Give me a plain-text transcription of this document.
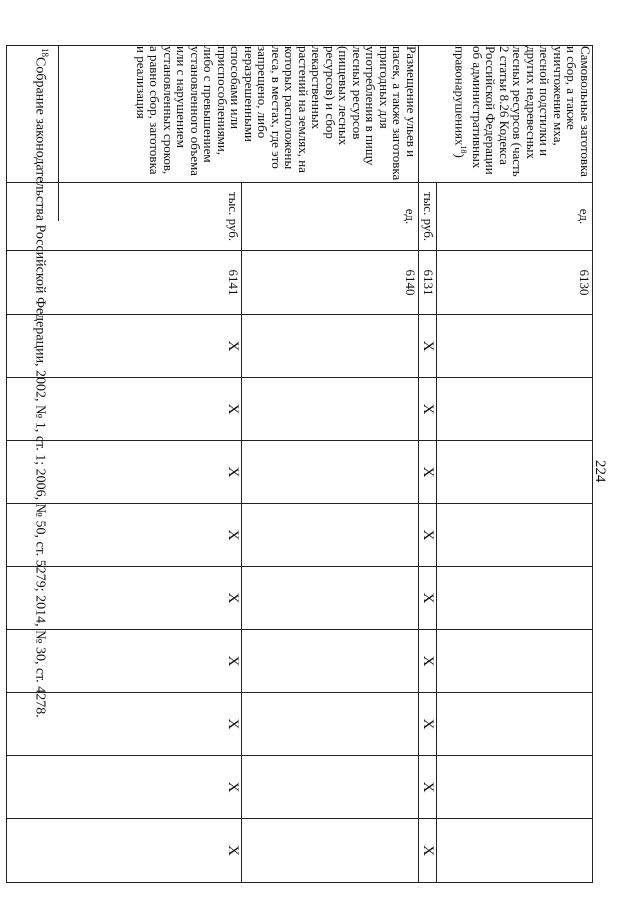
224
Самовольные заготовка и сбор, а также уничтожение мха, лесной подстилки и других недревесных лесных ресурсов (часть 2 статьи 8.26 Кодекса Российской Федерации об административных правонарушениях$^{18}$)	ед.	6130									
	тыс. руб.	6131	X	X	X	X	X	X	X	X	X
Размещение ульев и пасек, а также заготовка пригодных для употребления в пищу лесных ресурсов (пищевых лесных ресурсов) и сбор лекарственных растений на землях, на которых расположены леса, в местах, где это запрещено, либо неразрешенными способами или приспособлениями, либо с превышением установленного объема или с нарушением установленных сроков, а равно сбор, заготовка и реализация	ед.	6140									
	тыс. руб.	6141	X	X	X	X	X	X	X	X	X
$^{18}$Собрание законодательства Российской Федерации, 2002, № 1, ст. 1; 2006, № 50, ст. 5279; 2014, № 30, ст. 4278.
